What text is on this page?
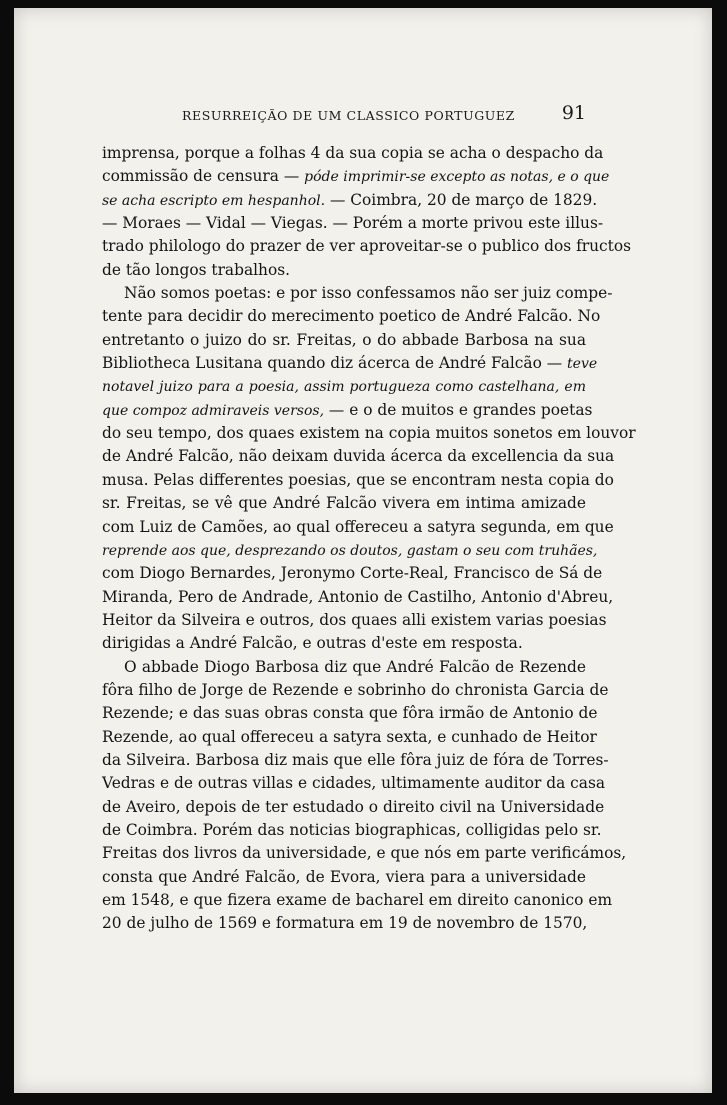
RESURREIÇÃO DE UM CLASSICO PORTUGUEZ 91
imprensa, porque a folhas 4 da sua copia se acha o despacho da
commissão de censura — póde imprimir-se excepto as notas, e o que
se acha escripto em hespanhol. — Coimbra, 20 de março de 1829.
— Moraes — Vidal — Viegas. — Porém a morte privou este illus-
trado philologo do prazer de ver aproveitar-se o publico dos fructos
de tão longos trabalhos.
Não somos poetas: e por isso confessamos não ser juiz compe-
tente para decidir do merecimento poetico de André Falcão. No
entretanto o juizo do sr. Freitas, o do abbade Barbosa na sua
Bibliotheca Lusitana quando diz ácerca de André Falcão — teve
notavel juizo para a poesia, assim portugueza como castelhana, em
que compoz admiraveis versos, — e o de muitos e grandes poetas
do seu tempo, dos quaes existem na copia muitos sonetos em louvor
de André Falcão, não deixam duvida ácerca da excellencia da sua
musa. Pelas differentes poesias, que se encontram nesta copia do
sr. Freitas, se vê que André Falcão vivera em intima amizade
com Luiz de Camões, ao qual offereceu a satyra segunda, em que
reprende aos que, desprezando os doutos, gastam o seu com truhães,
com Diogo Bernardes, Jeronymo Corte-Real, Francisco de Sá de
Miranda, Pero de Andrade, Antonio de Castilho, Antonio d'Abreu,
Heitor da Silveira e outros, dos quaes alli existem varias poesias
dirigidas a André Falcão, e outras d'este em resposta.
O abbade Diogo Barbosa diz que André Falcão de Rezende
fôra filho de Jorge de Rezende e sobrinho do chronista Garcia de
Rezende; e das suas obras consta que fôra irmão de Antonio de
Rezende, ao qual offereceu a satyra sexta, e cunhado de Heitor
da Silveira. Barbosa diz mais que elle fôra juiz de fóra de Torres-
Vedras e de outras villas e cidades, ultimamente auditor da casa
de Aveiro, depois de ter estudado o direito civil na Universidade
de Coimbra. Porém das noticias biographicas, colligidas pelo sr.
Freitas dos livros da universidade, e que nós em parte verificámos,
consta que André Falcão, de Evora, viera para a universidade
em 1548, e que fizera exame de bacharel em direito canonico em
20 de julho de 1569 e formatura em 19 de novembro de 1570,
